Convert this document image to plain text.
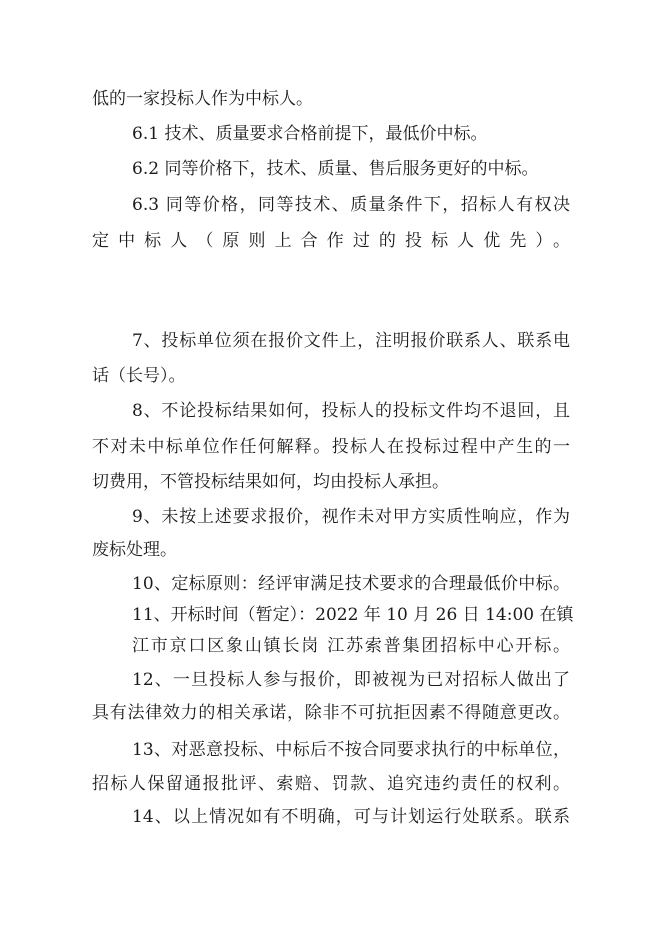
低的一家投标人作为中标人。
6.1 技术、质量要求合格前提下，最低价中标。
6.2 同等价格下，技术、质量、售后服务更好的中标。
6.3 同等价格，同等技术、质量条件下，招标人有权决
定中标人（原则上合作过的投标人优先）。
7、投标单位须在报价文件上，注明报价联系人、联系电
话（长号）。
8、不论投标结果如何，投标人的投标文件均不退回，且
不对未中标单位作任何解释。投标人在投标过程中产生的一
切费用，不管投标结果如何，均由投标人承担。
9、未按上述要求报价，视作未对甲方实质性响应，作为
废标处理。
10、定标原则：经评审满足技术要求的合理最低价中标。
11、开标时间（暂定）：2022 年 10 月 26 日 14:00 在镇
江市京口区象山镇长岗 江苏索普集团招标中心开标。
12、一旦投标人参与报价，即被视为已对招标人做出了
具有法律效力的相关承诺，除非不可抗拒因素不得随意更改。
13、对恶意投标、中标后不按合同要求执行的中标单位，
招标人保留通报批评、索赔、罚款、追究违约责任的权利。
14、以上情况如有不明确，可与计划运行处联系。联系
